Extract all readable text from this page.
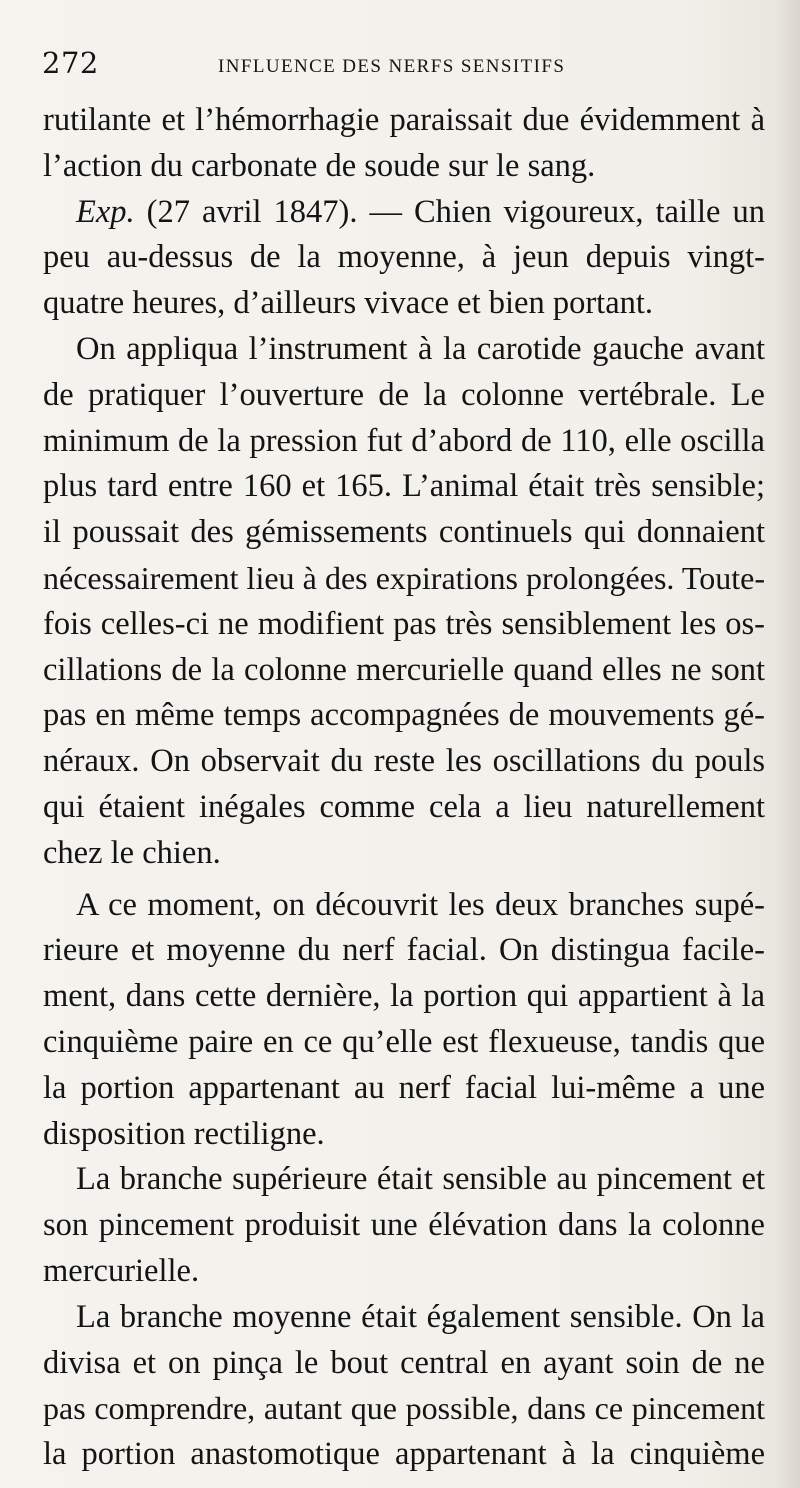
272	INFLUENCE DES NERFS SENSITIFS
rutilante et l’hémorrhagie paraissait due évidemment à
l’action du carbonate de soude sur le sang.
Exp. (27 avril 1847). — Chien vigoureux, taille un
peu au-dessus de la moyenne, à jeun depuis vingt-
quatre heures, d’ailleurs vivace et bien portant.
On appliqua l’instrument à la carotide gauche avant
de pratiquer l’ouverture de la colonne vertébrale. Le
minimum de la pression fut d’abord de 110, elle oscilla
plus tard entre 160 et 165. L’animal était très sensible;
il poussait des gémissements continuels qui donnaient
nécessairement lieu à des expirations prolongées. Toute-
fois celles-ci ne modifient pas très sensiblement les os-
cillations de la colonne mercurielle quand elles ne sont
pas en même temps accompagnées de mouvements gé-
néraux. On observait du reste les oscillations du pouls
qui étaient inégales comme cela a lieu naturellement
chez le chien.
A ce moment, on découvrit les deux branches supé-
rieure et moyenne du nerf facial. On distingua facile-
ment, dans cette dernière, la portion qui appartient à la
cinquième paire en ce qu’elle est flexueuse, tandis que
la portion appartenant au nerf facial lui-même a une
disposition rectiligne.
La branche supérieure était sensible au pincement et
son pincement produisit une élévation dans la colonne
mercurielle.
La branche moyenne était également sensible. On la
divisa et on pinça le bout central en ayant soin de ne
pas comprendre, autant que possible, dans ce pincement
la portion anastomotique appartenant à la cinquième
